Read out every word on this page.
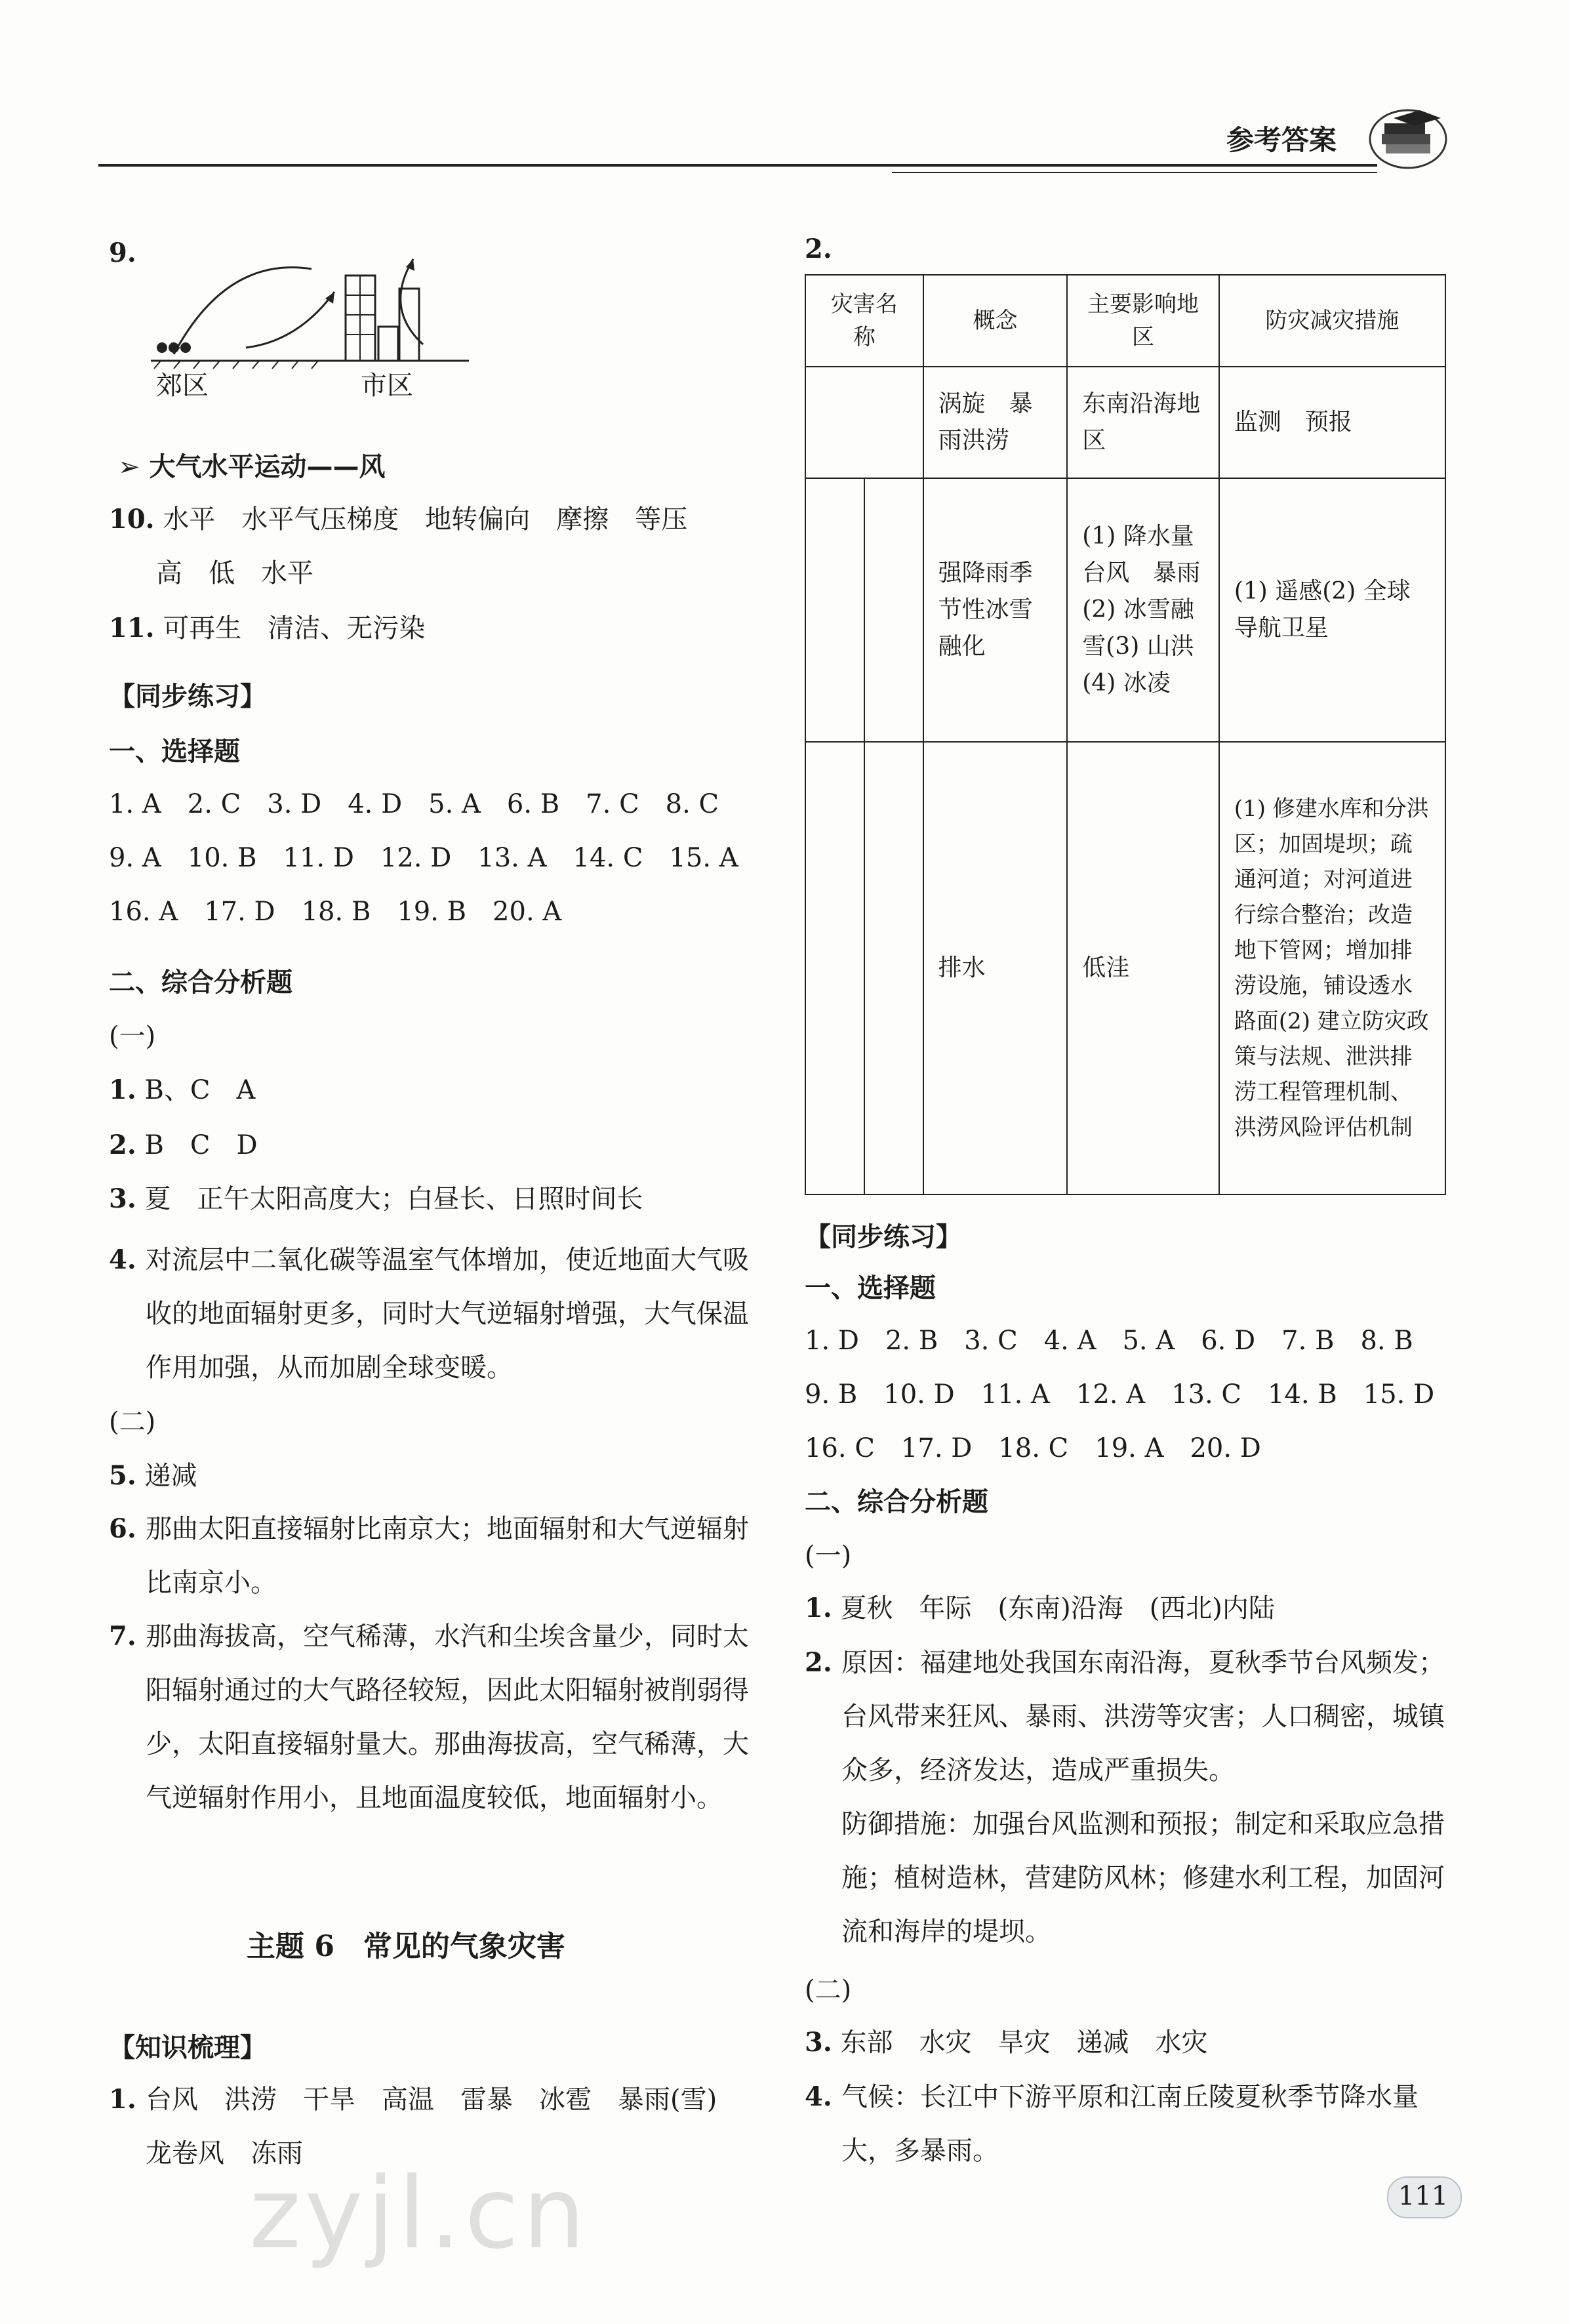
参考答案
9.
郊区	市区
➢ 大气水平运动——风
10. 水平　水平气压梯度　地转偏向　摩擦　等压
高　低　水平
11. 可再生　清洁、无污染
【同步练习】
一、选择题
1. A　2. C　3. D　4. D　5. A　6. B　7. C　8. C
9. A　10. B　11. D　12. D　13. A　14. C　15. A
16. A　17. D　18. B　19. B　20. A
二、综合分析题
(一)
1. B、C　A
2. B　C　D
3. 夏　正午太阳高度大；白昼长、日照时间长
4. 对流层中二氧化碳等温室气体增加，使近地面大气吸收的地面辐射更多，同时大气逆辐射增强，大气保温作用加强，从而加剧全球变暖。
(二)
5. 递减
6. 那曲太阳直接辐射比南京大；地面辐射和大气逆辐射比南京小。
7. 那曲海拔高，空气稀薄，水汽和尘埃含量少，同时太阳辐射通过的大气路径较短，因此太阳辐射被削弱得少，太阳直接辐射量大。那曲海拔高，空气稀薄，大气逆辐射作用小，且地面温度较低，地面辐射小。
主题 6　常见的气象灾害
【知识梳理】
1. 台风　洪涝　干旱　高温　雷暴　冰雹　暴雨(雪)　龙卷风　冻雨
zyjl.cn
2.
灾害名称	概念	主要影响地区	防灾减灾措施
	涡旋　暴雨洪涝	东南沿海地区	监测　预报

	强降雨季节性冰雪融化	(1) 降水量台风　暴雨(2) 冰雪融雪(3) 山洪(4) 冰凌	(1) 遥感(2) 全球导航卫星

	排水	低洼	(1) 修建水库和分洪区；加固堤坝；疏通河道；对河道进行综合整治；改造地下管网；增加排涝设施，铺设透水路面(2) 建立防灾政策与法规、泄洪排涝工程管理机制、洪涝风险评估机制
【同步练习】
一、选择题
1. D　2. B　3. C　4. A　5. A　6. D　7. B　8. B
9. B　10. D　11. A　12. A　13. C　14. B　15. D
16. C　17. D　18. C　19. A　20. D
二、综合分析题
(一)
1. 夏秋　年际　(东南)沿海　(西北)内陆
2. 原因：福建地处我国东南沿海，夏秋季节台风频发；台风带来狂风、暴雨、洪涝等灾害；人口稠密，城镇众多，经济发达，造成严重损失。
防御措施：加强台风监测和预报；制定和采取应急措施；植树造林，营建防风林；修建水利工程，加固河流和海岸的堤坝。
(二)
3. 东部　水灾　旱灾　递减　水灾
4. 气候：长江中下游平原和江南丘陵夏秋季节降水量大，多暴雨。
111
